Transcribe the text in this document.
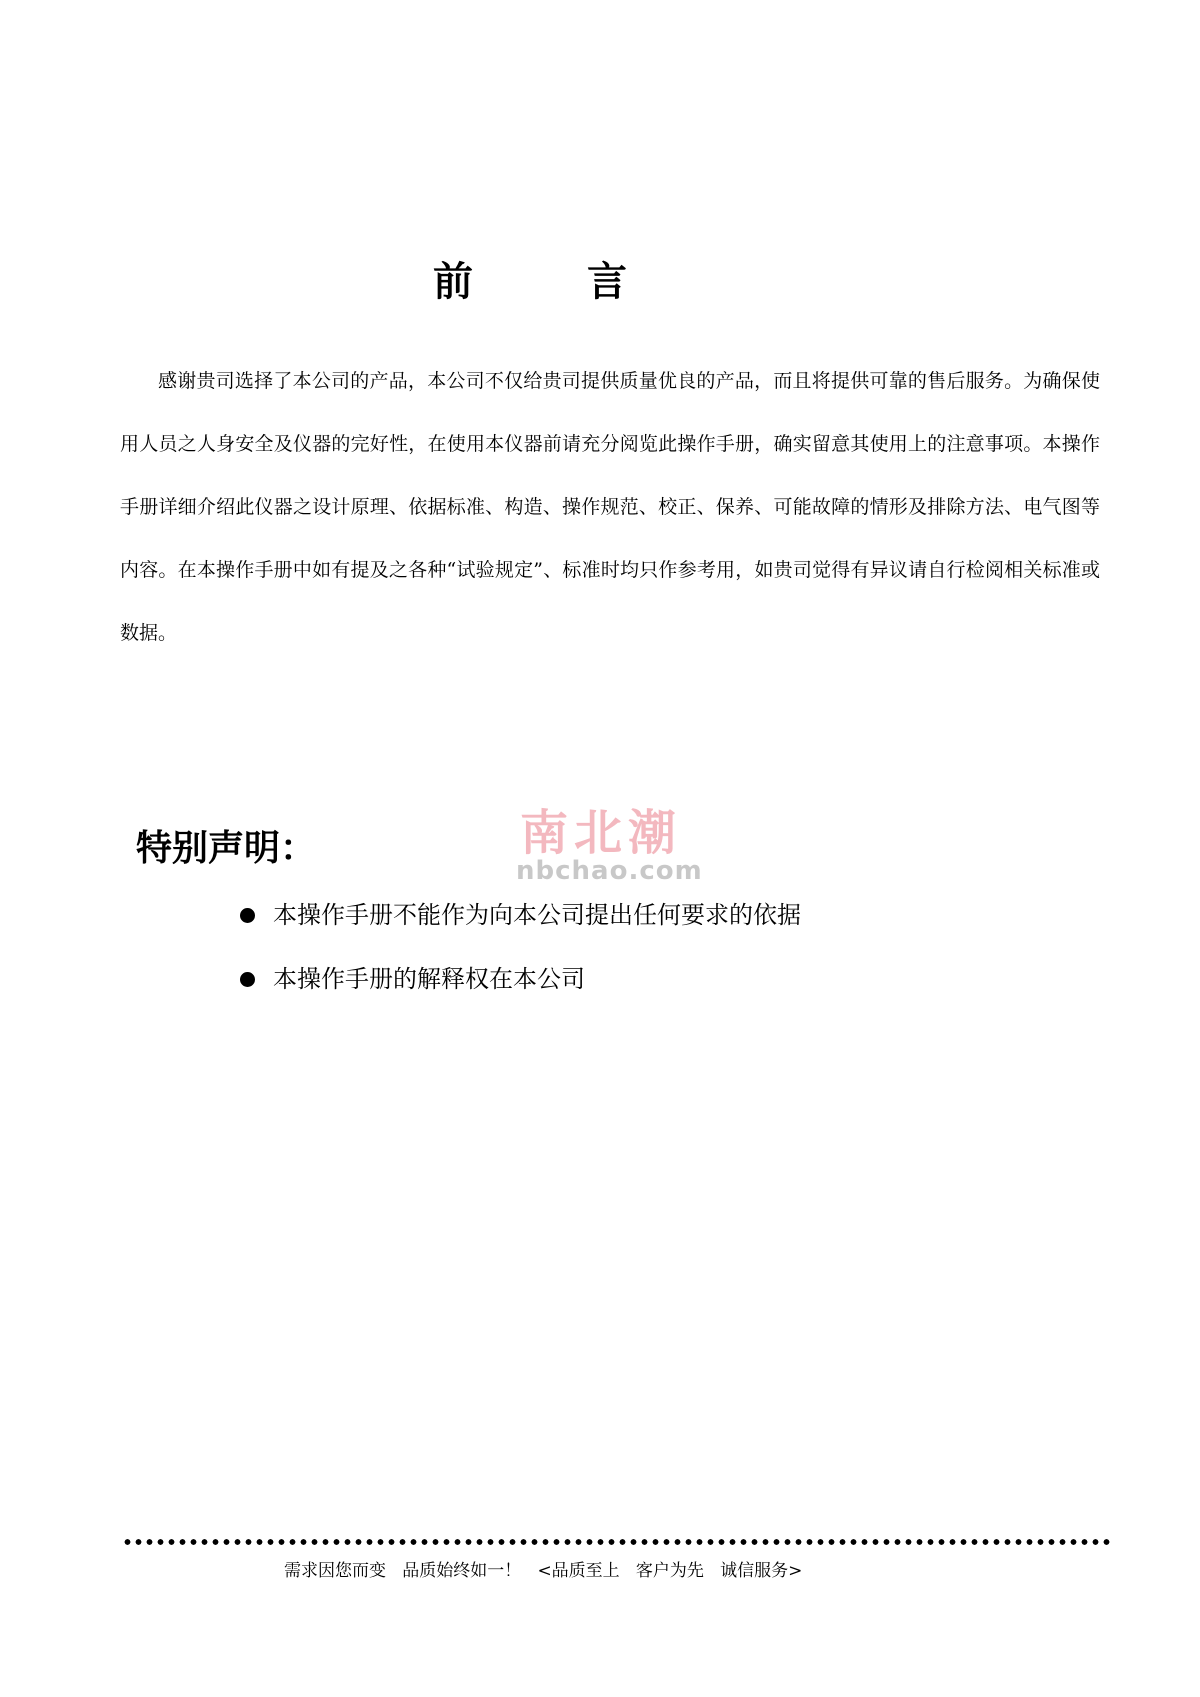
前 言
感谢贵司选择了本公司的产品，本公司不仅给贵司提供质量优良的产品，而且将提供可靠的售后服务。为确保使用人员之人身安全及仪器的完好性，在使用本仪器前请充分阅览此操作手册，确实留意其使用上的注意事项。本操作手册详细介绍此仪器之设计原理、依据标准、构造、操作规范、校正、保养、可能故障的情形及排除方法、电气图等内容。在本操作手册中如有提及之各种“试验规定”、标准时均只作参考用，如贵司觉得有异议请自行检阅相关标准或数据。
特别声明：	南北潮
nbchao.com
本操作手册不能作为向本公司提出任何要求的依据
本操作手册的解释权在本公司
需求因您而变   品质始终如一！ <品质至上   客户为先   诚信服务>
